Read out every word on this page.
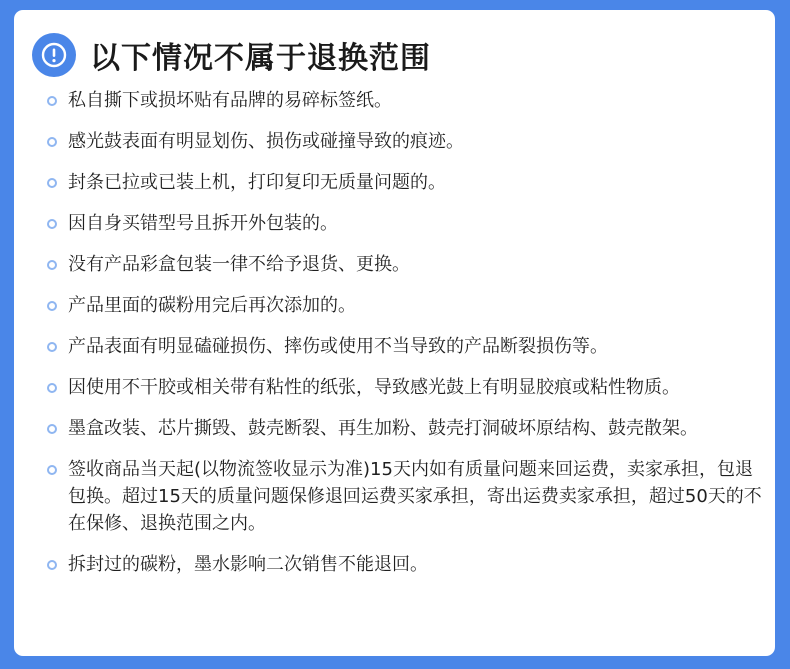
以下情况不属于退换范围
私自撕下或损坏贴有品牌的易碎标签纸。
感光鼓表面有明显划伤、损伤或碰撞导致的痕迹。
封条已拉或已装上机，打印复印无质量问题的。
因自身买错型号且拆开外包装的。
没有产品彩盒包装一律不给予退货、更换。
产品里面的碳粉用完后再次添加的。
产品表面有明显磕碰损伤、摔伤或使用不当导致的产品断裂损伤等。
因使用不干胶或相关带有粘性的纸张，导致感光鼓上有明显胶痕或粘性物质。
墨盒改装、芯片撕毁、鼓壳断裂、再生加粉、鼓壳打洞破坏原结构、鼓壳散架。
签收商品当天起(以物流签收显示为准)15天内如有质量问题来回运费，卖家承担，包退包换。超过15天的质量问题保修退回运费买家承担，寄出运费卖家承担，超过50天的不在保修、退换范围之内。
拆封过的碳粉，墨水影响二次销售不能退回。
